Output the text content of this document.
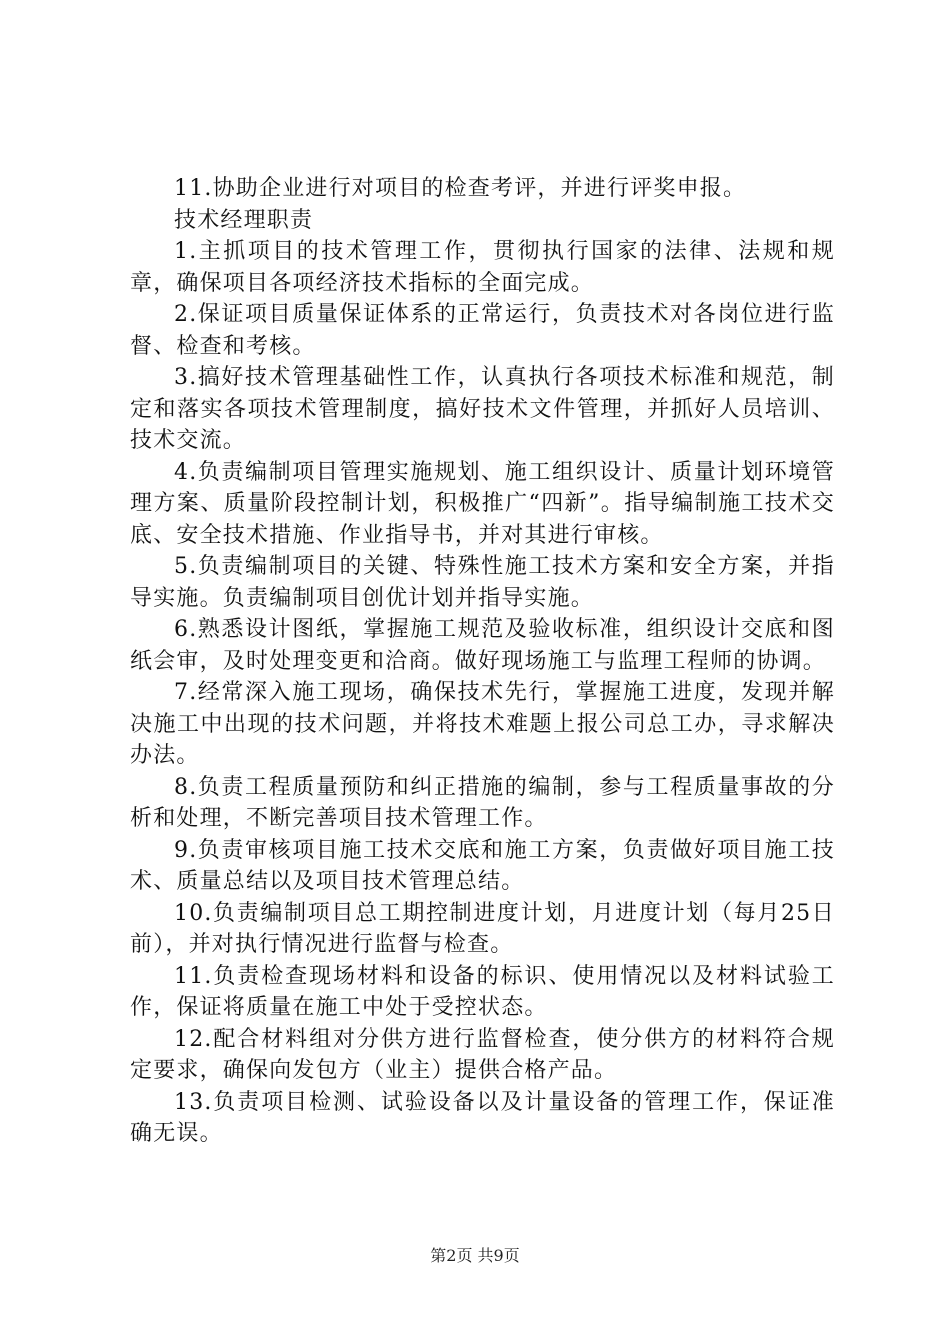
11.协助企业进行对项目的检查考评，并进行评奖申报。

技术经理职责

1.主抓项目的技术管理工作，贯彻执行国家的法律、法规和规章，确保项目各项经济技术指标的全面完成。

2.保证项目质量保证体系的正常运行，负责技术对各岗位进行监督、检查和考核。

3.搞好技术管理基础性工作，认真执行各项技术标准和规范，制定和落实各项技术管理制度，搞好技术文件管理，并抓好人员培训、技术交流。

4.负责编制项目管理实施规划、施工组织设计、质量计划环境管理方案、质量阶段控制计划，积极推广“四新”。指导编制施工技术交底、安全技术措施、作业指导书，并对其进行审核。

5.负责编制项目的关键、特殊性施工技术方案和安全方案，并指导实施。负责编制项目创优计划并指导实施。

6.熟悉设计图纸，掌握施工规范及验收标准，组织设计交底和图纸会审，及时处理变更和洽商。做好现场施工与监理工程师的协调。

7.经常深入施工现场，确保技术先行，掌握施工进度，发现并解决施工中出现的技术问题，并将技术难题上报公司总工办，寻求解决办法。

8.负责工程质量预防和纠正措施的编制，参与工程质量事故的分析和处理，不断完善项目技术管理工作。

9.负责审核项目施工技术交底和施工方案，负责做好项目施工技术、质量总结以及项目技术管理总结。

10.负责编制项目总工期控制进度计划，月进度计划（每月25日前），并对执行情况进行监督与检查。

11.负责检查现场材料和设备的标识、使用情况以及材料试验工作，保证将质量在施工中处于受控状态。

12.配合材料组对分供方进行监督检查，使分供方的材料符合规定要求，确保向发包方（业主）提供合格产品。

13.负责项目检测、试验设备以及计量设备的管理工作，保证准确无误。

第2页 共9页
